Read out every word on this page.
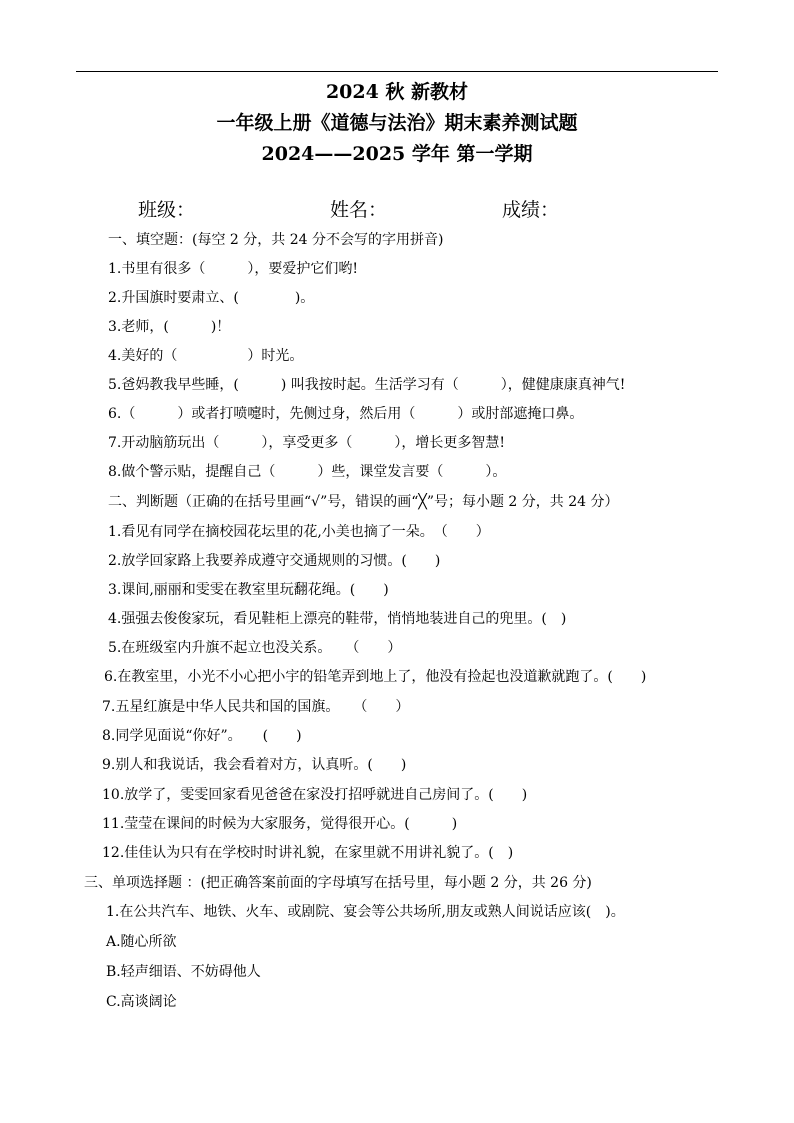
2024 秋 新教材
一年级上册《道德与法治》期末素养测试题
2024——2025 学年 第一学期
班级：	姓名：	成绩：
一、填空题：(每空 2 分，共 24 分不会写的字用拼音)
1.书里有很多（　　　），要爱护它们哟!
2.升国旗时要肃立、(　　　　)。
3.老师，(　　　)！
4.美好的（　　　　　）时光。
5.爸妈教我早些睡，(　　　) 叫我按时起。生活学习有（　　　），健健康康真神气!
6.（　　　）或者打喷嚏时，先侧过身，然后用（　　　）或肘部遮掩口鼻。
7.开动脑筋玩出（　　　），享受更多（　　　），增长更多智慧!
8.做个警示贴，提醒自己（　　　）些，课堂发言要（　　　）。
二、判断题（正确的在括号里画“√”号，错误的画“╳”号；每小题 2 分，共 24 分）
1.看见有同学在摘校园花坛里的花,小美也摘了一朵。　（　　）
2.放学回家路上我要养成遵守交通规则的习惯。(　　)
3.课间,丽丽和雯雯在教室里玩翻花绳。(　　)
4.强强去俊俊家玩，看见鞋柜上漂亮的鞋带，悄悄地装进自己的兜里。(　)
5.在班级室内升旗不起立也没关系。　　（　　）
6.在教室里，小光不小心把小宇的铅笔弄到地上了，他没有捡起也没道歉就跑了。(　　)
7.五星红旗是中华人民共和国的国旗。　　（　　）
8.同学见面说“你好”。　　(　　)
9.别人和我说话，我会看着对方，认真听。(　　)
10.放学了，雯雯回家看见爸爸在家没打招呼就进自己房间了。(　　)
11.莹莹在课间的时候为大家服务，觉得很开心。(　　　)
12.佳佳认为只有在学校时时讲礼貌，在家里就不用讲礼貌了。(　)
三、单项选择题 ：(把正确答案前面的字母填写在括号里，每小题 2 分，共 26 分)
1.在公共汽车、地铁、火车、或剧院、宴会等公共场所,朋友或熟人间说话应该(　)。
A.随心所欲
B.轻声细语、不妨碍他人
C.高谈阔论
